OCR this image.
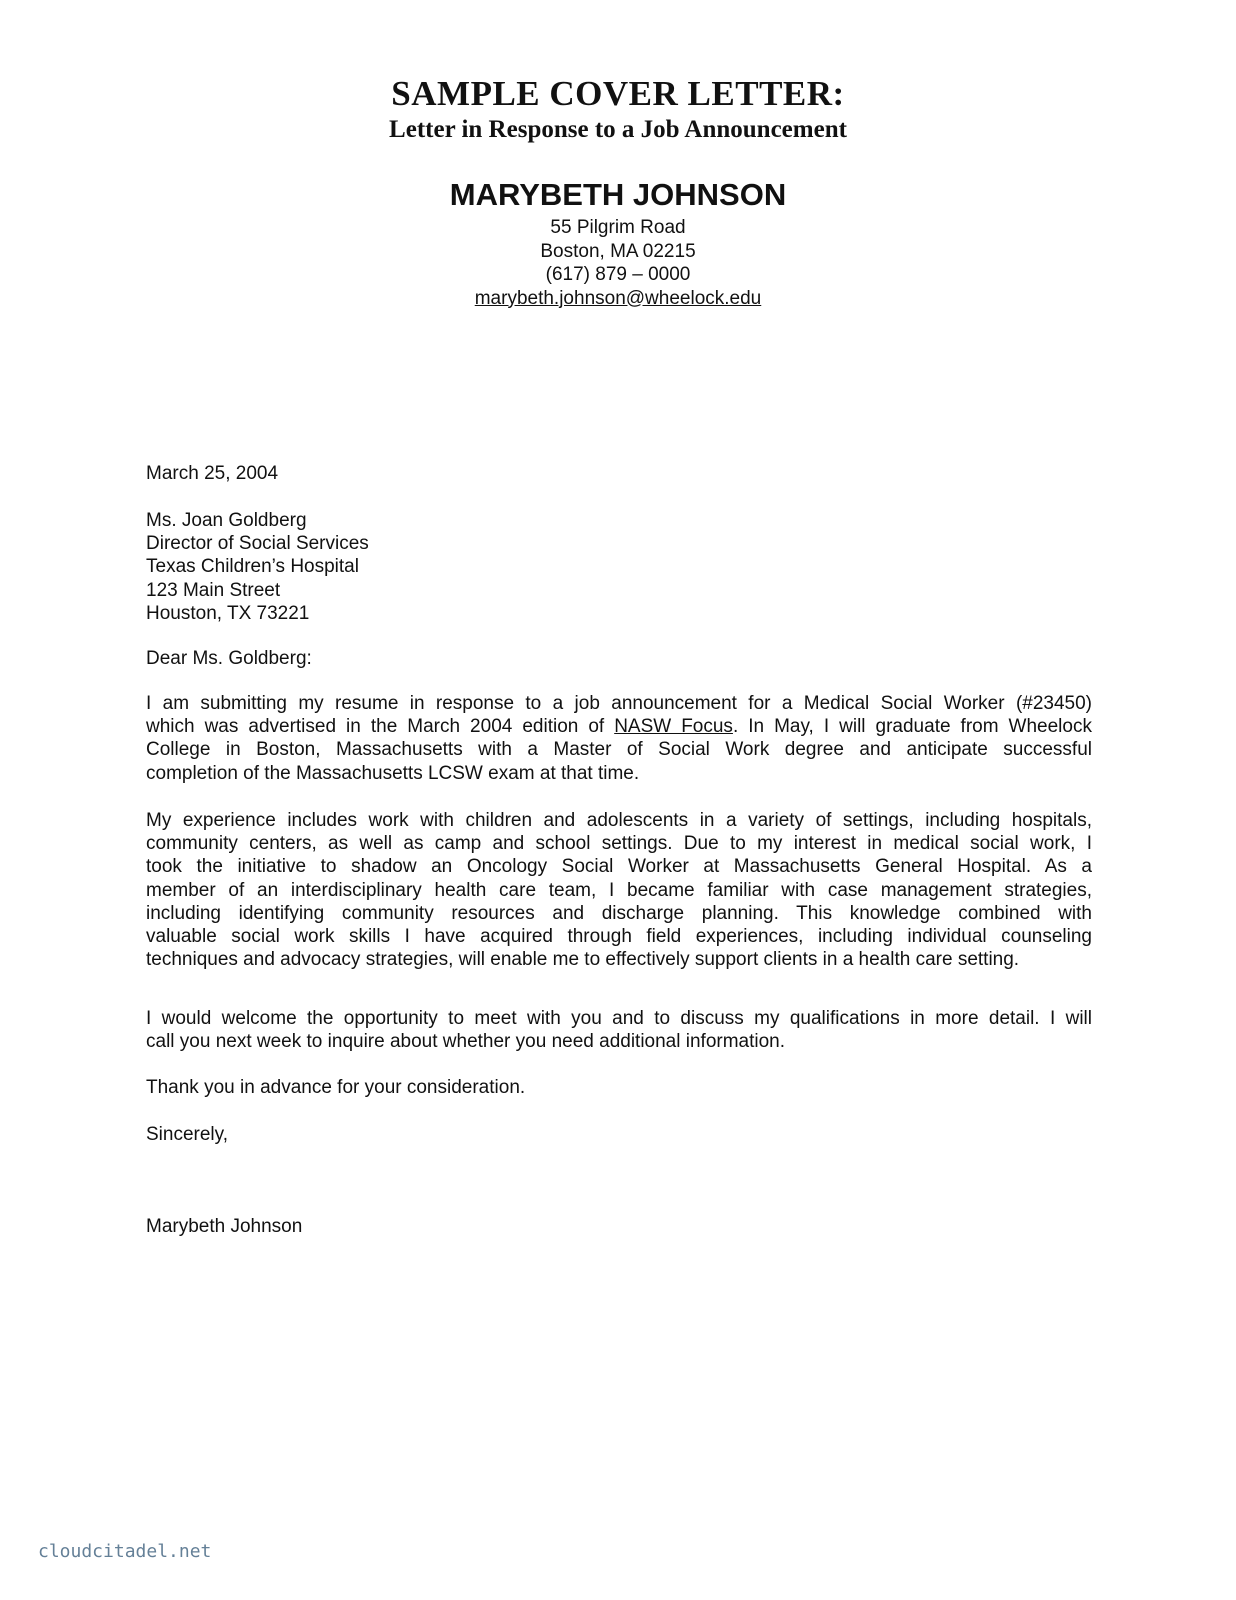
SAMPLE COVER LETTER:
Letter in Response to a Job Announcement
MARYBETH JOHNSON
55 Pilgrim Road
Boston, MA 02215
(617) 879 – 0000
marybeth.johnson@wheelock.edu
March 25, 2004
Ms. Joan Goldberg
Director of Social Services
Texas Children’s Hospital
123 Main Street
Houston, TX 73221
Dear Ms. Goldberg:
I am submitting my resume in response to a job announcement for a Medical Social Worker (#23450)
which was advertised in the March 2004 edition of NASW Focus. In May, I will graduate from Wheelock
College in Boston, Massachusetts with a Master of Social Work degree and anticipate successful
completion of the Massachusetts LCSW exam at that time.
My experience includes work with children and adolescents in a variety of settings, including hospitals,
community centers, as well as camp and school settings. Due to my interest in medical social work, I
took the initiative to shadow an Oncology Social Worker at Massachusetts General Hospital. As a
member of an interdisciplinary health care team, I became familiar with case management strategies,
including identifying community resources and discharge planning. This knowledge combined with
valuable social work skills I have acquired through field experiences, including individual counseling
techniques and advocacy strategies, will enable me to effectively support clients in a health care setting.
I would welcome the opportunity to meet with you and to discuss my qualifications in more detail. I will
call you next week to inquire about whether you need additional information.
Thank you in advance for your consideration.
Sincerely,
Marybeth Johnson
cloudcitadel.net
